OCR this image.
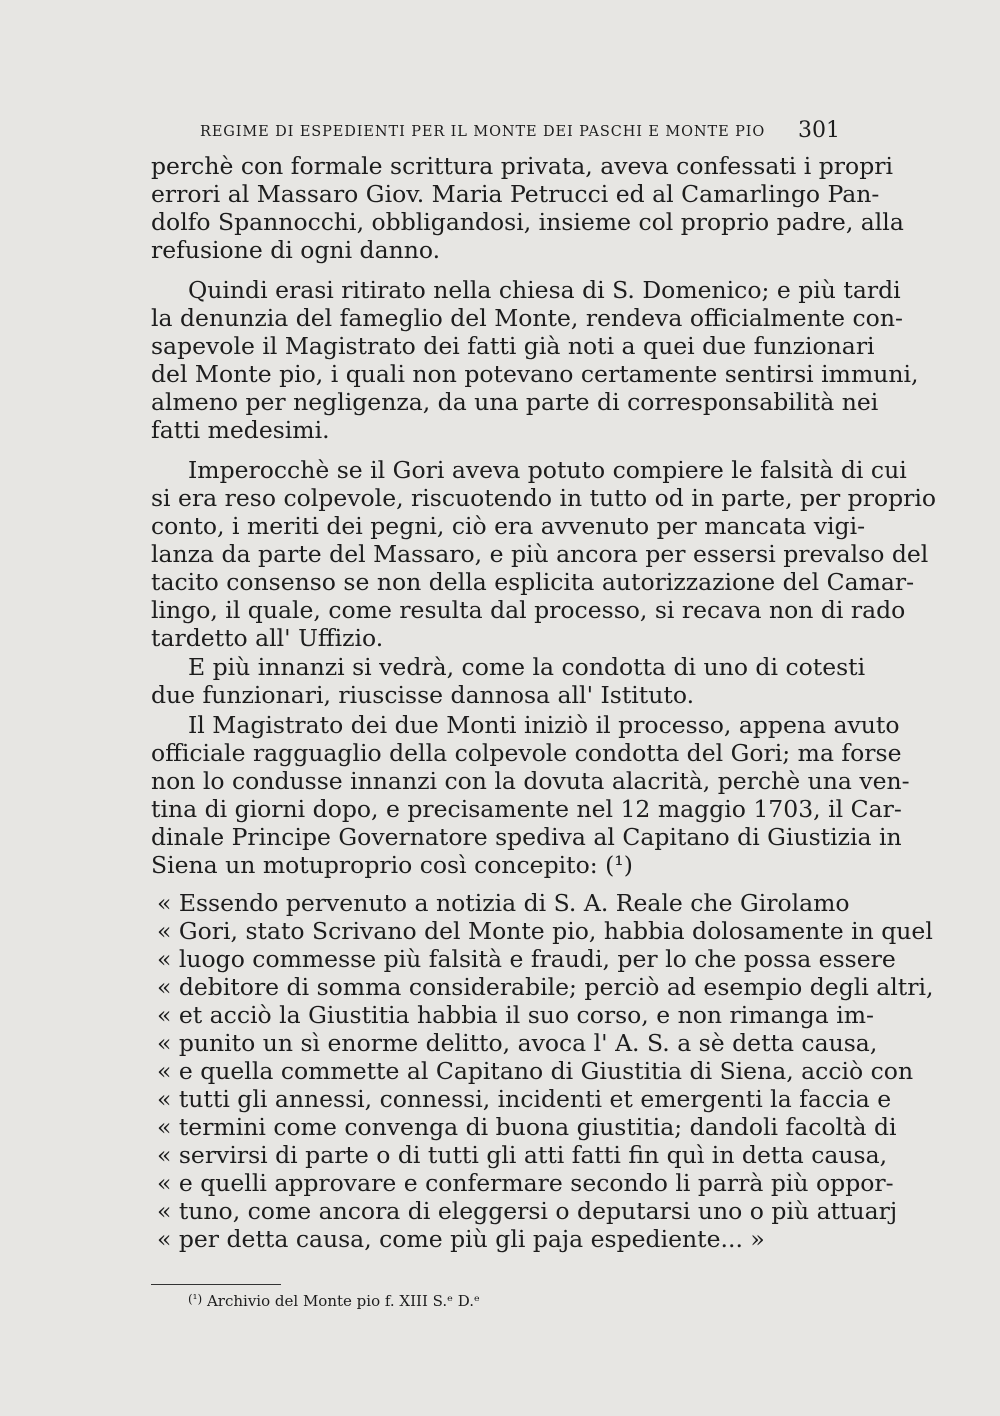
REGIME DI ESPEDIENTI PER IL MONTE DEI PASCHI E MONTE PIO 301
perchè con formale scrittura privata, aveva confessati i propri
errori al Massaro Giov. Maria Petrucci ed al Camarlingo Pan-
dolfo Spannocchi, obbligandosi, insieme col proprio padre, alla
refusione di ogni danno.
Quindi erasi ritirato nella chiesa di S. Domenico; e più tardi
la denunzia del fameglio del Monte, rendeva officialmente con-
sapevole il Magistrato dei fatti già noti a quei due funzionari
del Monte pio, i quali non potevano certamente sentirsi immuni,
almeno per negligenza, da una parte di corresponsabilità nei
fatti medesimi.
Imperocchè se il Gori aveva potuto compiere le falsità di cui
si era reso colpevole, riscuotendo in tutto od in parte, per proprio
conto, i meriti dei pegni, ciò era avvenuto per mancata vigi-
lanza da parte del Massaro, e più ancora per essersi prevalso del
tacito consenso se non della esplicita autorizzazione del Camar-
lingo, il quale, come resulta dal processo, si recava non di rado
tardetto all' Uffizio.
E più innanzi si vedrà, come la condotta di uno di cotesti
due funzionari, riuscisse dannosa all' Istituto.
Il Magistrato dei due Monti iniziò il processo, appena avuto
officiale ragguaglio della colpevole condotta del Gori; ma forse
non lo condusse innanzi con la dovuta alacrità, perchè una ven-
tina di giorni dopo, e precisamente nel 12 maggio 1703, il Car-
dinale Principe Governatore spediva al Capitano di Giustizia in
Siena un motuproprio così concepito: (¹)
« Essendo pervenuto a notizia di S. A. Reale che Girolamo
« Gori, stato Scrivano del Monte pio, habbia dolosamente in quel
« luogo commesse più falsità e fraudi, per lo che possa essere
« debitore di somma considerabile; perciò ad esempio degli altri,
« et acciò la Giustitia habbia il suo corso, e non rimanga im-
« punito un sì enorme delitto, avoca l' A. S. a sè detta causa,
« e quella commette al Capitano di Giustitia di Siena, acciò con
« tutti gli annessi, connessi, incidenti et emergenti la faccia e
« termini come convenga di buona giustitia; dandoli facoltà di
« servirsi di parte o di tutti gli atti fatti fin quì in detta causa,
« e quelli approvare e confermare secondo li parrà più oppor-
« tuno, come ancora di eleggersi o deputarsi uno o più attuarj
« per detta causa, come più gli paja espediente... »
$^{(^1)}$ Archivio del Monte pio f. XIII S.ᵉ D.ᵉ
